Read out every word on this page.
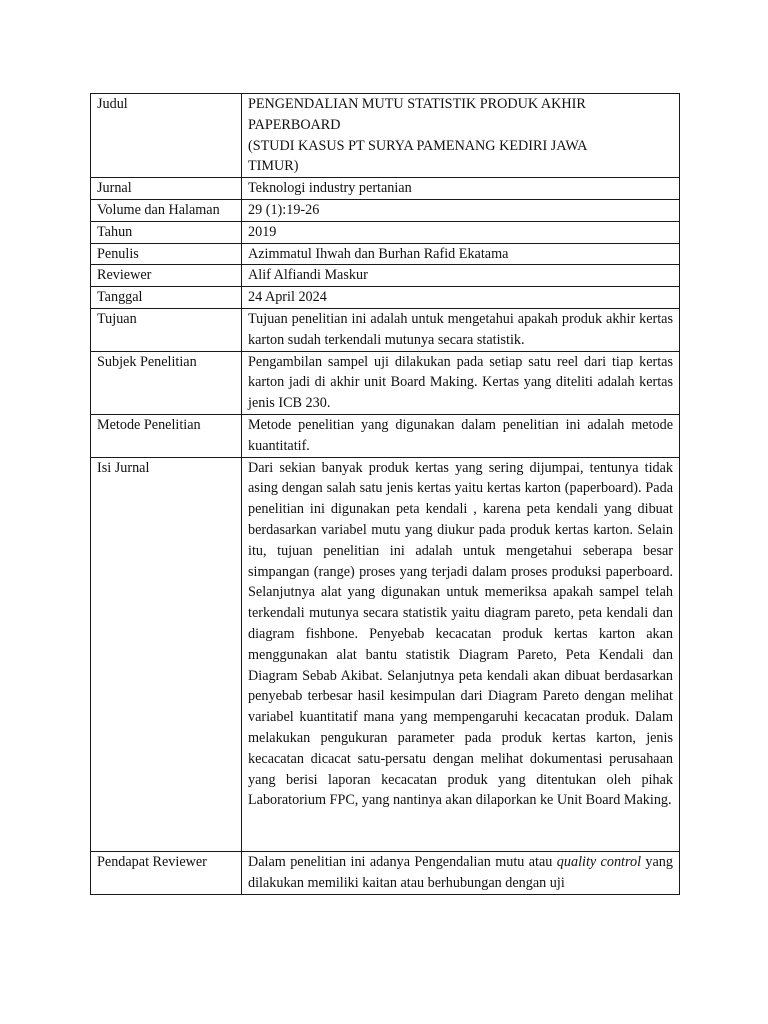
Judul	PENGENDALIAN MUTU STATISTIK PRODUK AKHIR
PAPERBOARD
(STUDI KASUS PT SURYA PAMENANG KEDIRI JAWA
TIMUR)

Jurnal	Teknologi industry pertanian
Volume dan Halaman	29 (1):19-26
Tahun	2019
Penulis	Azimmatul Ihwah dan Burhan Rafid Ekatama
Reviewer	Alif Alfiandi Maskur
Tanggal	24 April 2024
Tujuan	Tujuan penelitian ini adalah untuk mengetahui apakah produk akhir kertas karton sudah terkendali mutunya secara statistik.
Subjek Penelitian	Pengambilan sampel uji dilakukan pada setiap satu reel dari tiap kertas karton jadi di akhir unit Board Making. Kertas yang diteliti adalah kertas jenis ICB 230.
Metode Penelitian	Metode penelitian yang digunakan dalam penelitian ini adalah metode kuantitatif.
Isi Jurnal	Dari sekian banyak produk kertas yang sering dijumpai, tentunya tidak asing dengan salah satu jenis kertas yaitu kertas karton (paperboard). Pada penelitian ini digunakan peta kendali , karena peta kendali yang dibuat berdasarkan variabel mutu yang diukur pada produk kertas karton. Selain itu, tujuan penelitian ini adalah untuk mengetahui seberapa besar simpangan (range) proses yang terjadi dalam proses produksi paperboard. Selanjutnya alat yang digunakan untuk memeriksa apakah sampel telah terkendali mutunya secara statistik yaitu diagram pareto, peta kendali dan diagram fishbone. Penyebab kecacatan produk kertas karton akan menggunakan alat bantu statistik Diagram Pareto, Peta Kendali dan Diagram Sebab Akibat. Selanjutnya peta kendali akan dibuat berdasarkan penyebab terbesar hasil kesimpulan dari Diagram Pareto dengan melihat variabel kuantitatif mana yang mempengaruhi kecacatan produk. Dalam melakukan pengukuran parameter pada produk kertas karton, jenis kecacatan dicacat satu-persatu dengan melihat dokumentasi perusahaan yang berisi laporan kecacatan produk yang ditentukan oleh pihak Laboratorium FPC, yang nantinya akan dilaporkan ke Unit Board Making.

Pendapat Reviewer	Dalam penelitian ini adanya Pengendalian mutu atau quality control yang dilakukan memiliki kaitan atau berhubungan dengan uji
